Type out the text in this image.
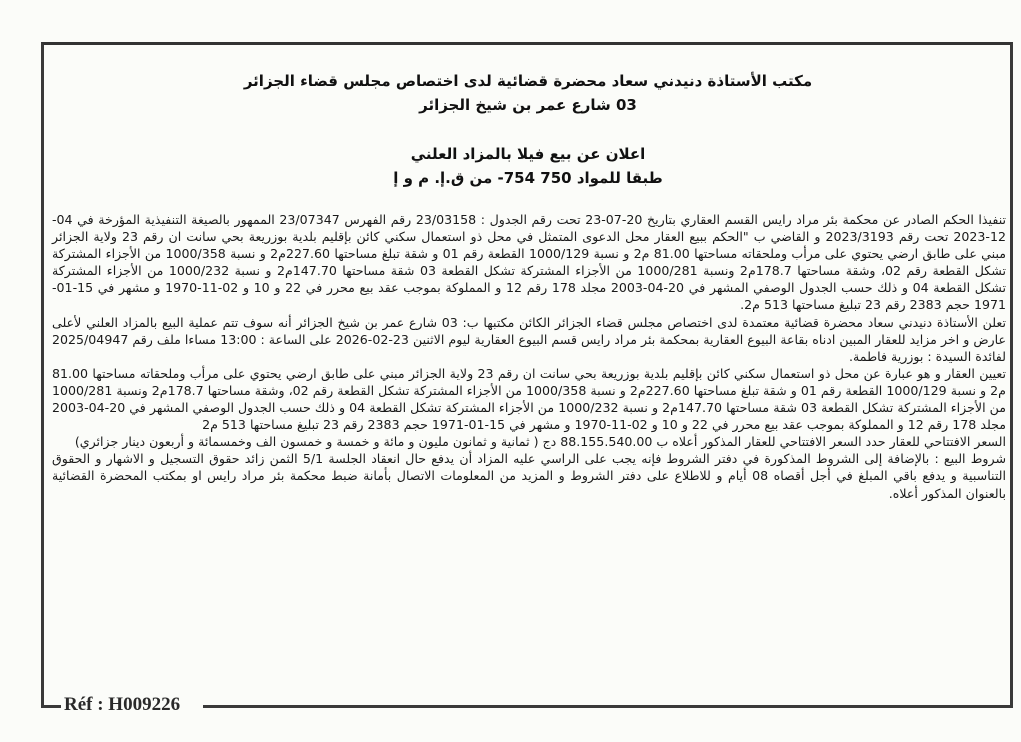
مكتب الأستاذة دنيدني سعاد محضرة قضائية لدى اختصاص مجلس قضاء الجزائر
03 شارع عمر بن شيخ الجزائر
اعلان عن بيع فيلا بالمزاد العلني
طبقا للمواد 750 754- من ق.إ. م و إ

تنفيذا الحكم الصادر عن محكمة بئر مراد رايس القسم العقاري بتاريخ 20-07-23 تحت رقم الجدول : 23/03158 رقم الفهرس 23/07347 الممهور بالصيغة التنفيذية المؤرخة في 04-12-2023 تحت رقم 2023/3193 و القاضي ب "الحكم ببيع العقار محل الدعوى المتمثل في محل ذو استعمال سكني كائن بإقليم بلدية بوزريعة بحي سانت ان رقم 23 ولاية الجزائر مبني على طابق ارضي يحتوي على مرأب وملحقاته مساحتها 81.00 م2 و نسبة 1000/129 القطعة رقم 01 و شقة تبلغ مساحتها 227.60م2 و نسبة 1000/358 من الأجزاء المشتركة تشكل القطعة رقم 02، وشقة مساحتها 178.7م2 ونسبة 1000/281 من الأجزاء المشتركة تشكل القطعة 03 شقة مساحتها 147.70م2 و نسبة 1000/232 من الأجزاء المشتركة تشكل القطعة 04 و ذلك حسب الجدول الوصفي المشهر في 20-04-2003 مجلد 178 رقم 12 و المملوكة بموجب عقد بيع محرر في 22 و 10 و 02-11-1970 و مشهر في 15-01-1971 حجم 2383 رقم 23 تبليغ مساحتها 513 م2.

تعلن الأستاذة دنيدني سعاد محضرة قضائية معتمدة لدى اختصاص مجلس قضاء الجزائر الكائن مكتبها ب: 03 شارع عمر بن شيخ الجزائر أنه سوف تتم عملية البيع بالمزاد العلني لأعلى عارض و اخر مزايد للعقار المبين ادناه بقاعة البيوع العقارية بمحكمة بئر مراد رايس قسم البيوع العقارية ليوم الاثنين 23-02-2026 على الساعة : 13:00 مساءا ملف رقم 2025/04947 لفائدة السيدة : بوزرية فاطمة.

تعيين العقار و هو عبارة عن محل ذو استعمال سكني كائن بإقليم بلدية بوزريعة بحي سانت ان رقم 23 ولاية الجزائر مبني على طابق ارضي يحتوي على مرأب وملحقاته مساحتها 81.00 م2 و نسبة 1000/129 القطعة رقم 01 و شقة تبلغ مساحتها 227.60م2 و نسبة 1000/358 من الأجزاء المشتركة تشكل القطعة رقم 02، وشقة مساحتها 178.7م2 ونسبة 1000/281 من الأجزاء المشتركة تشكل القطعة 03 شقة مساحتها 147.70م2 و نسبة 1000/232 من الأجزاء المشتركة تشكل القطعة 04 و ذلك حسب الجدول الوصفي المشهر في 20-04-2003 مجلد 178 رقم 12 و المملوكة بموجب عقد بيع محرر في 22 و 10 و 02-11-1970 و مشهر في 15-01-1971 حجم 2383 رقم 23 تبليغ مساحتها 513 م2

السعر الافتتاحي للعقار حدد السعر الافتتاحي للعقار المذكور أعلاه ب 88.155.540.00 دج ( ثمانية و ثمانون مليون و مائة و خمسة و خمسون الف وخمسمائة و أربعون دينار جزائري)

شروط البيع : بالإضافة إلى الشروط المذكورة في دفتر الشروط فإنه يجب على الراسي عليه المزاد أن يدفع حال انعقاد الجلسة 5/1 الثمن زائد حقوق التسجيل و الاشهار و الحقوق التناسبية و يدفع باقي المبلغ في أجل أقصاه 08 أيام و للاطلاع على دفتر الشروط و المزيد من المعلومات الاتصال بأمانة ضبط محكمة بئر مراد رايس او بمكتب المحضرة القضائية بالعنوان المذكور أعلاه.

Réf : H009226
